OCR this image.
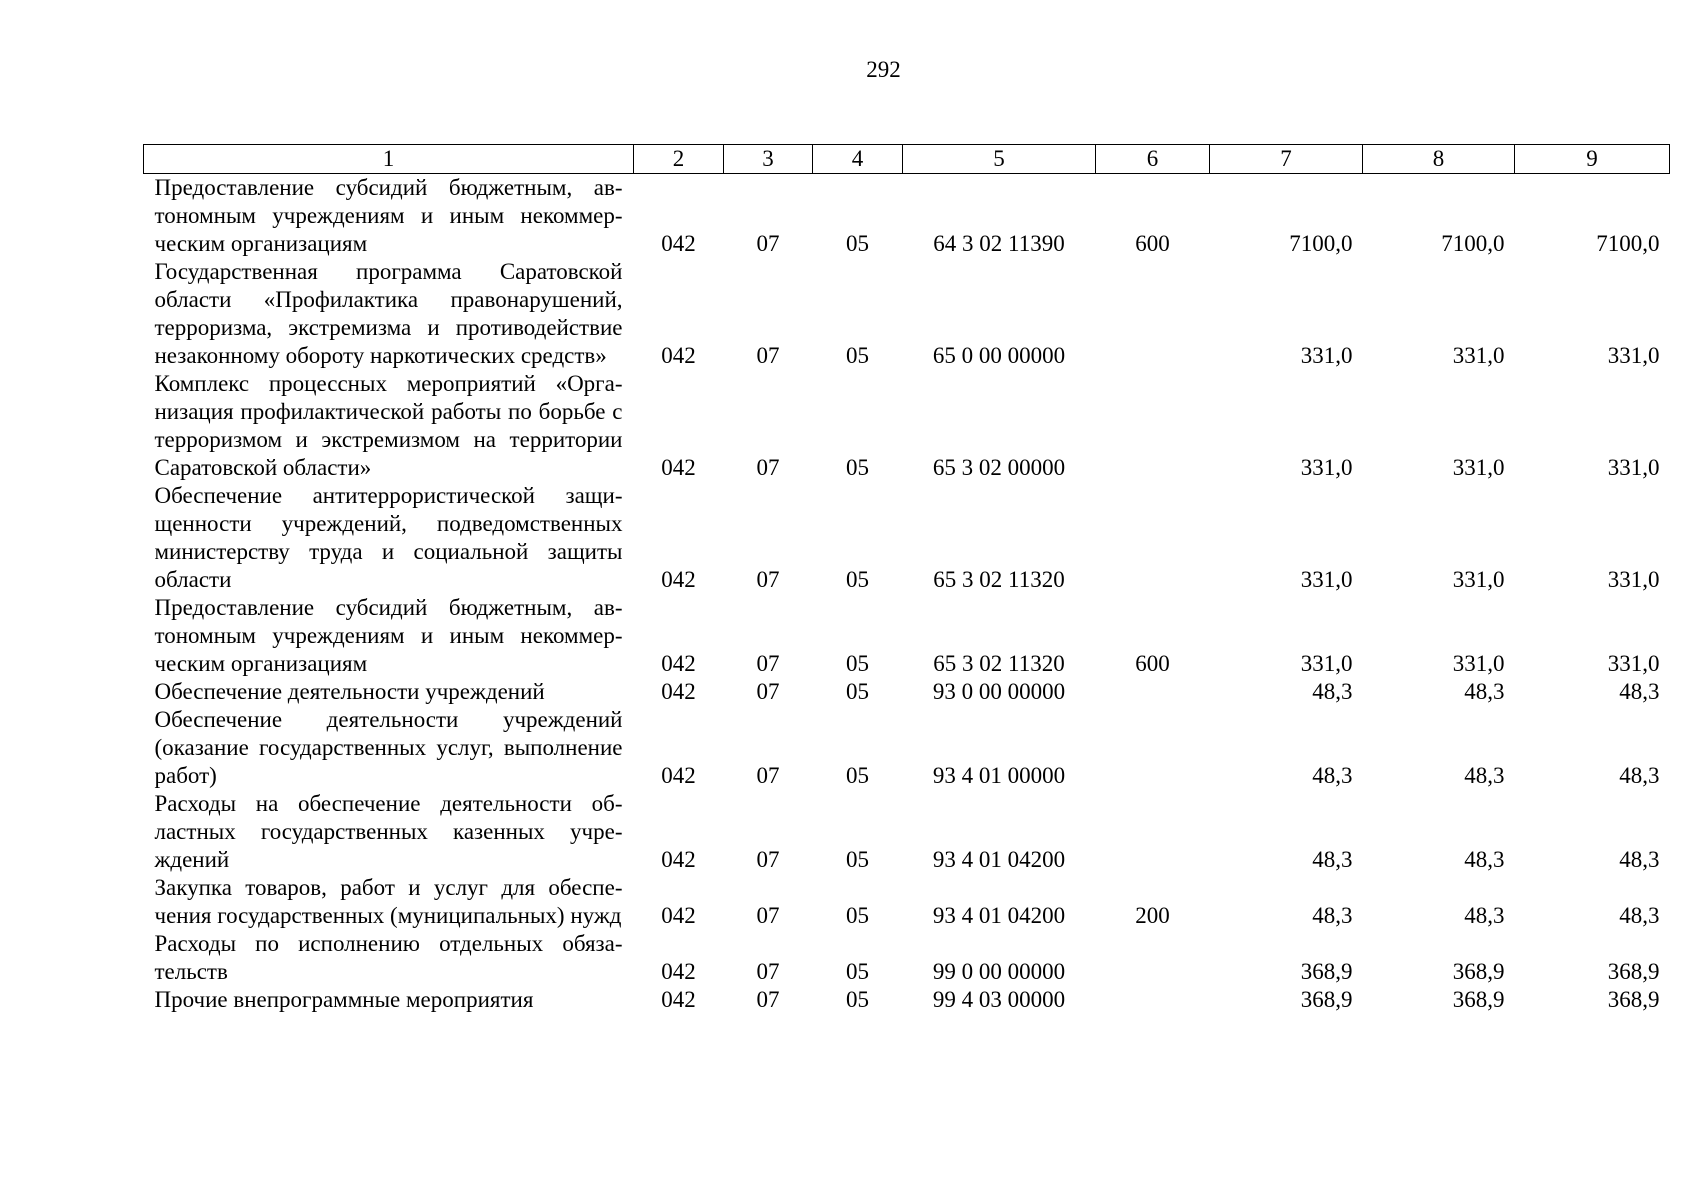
292
1	2	3	4	5	6	7	8	9
Предоставление субсидий бюджетным, автономным учреждениям и иным некоммерческим организациям	042	07	05	64 3 02 11390	600	7100,0	7100,0	7100,0
Государственная программа Саратовской области «Профилактика правонарушений, терроризма, экстремизма и противодействие незаконному обороту наркотических средств»	042	07	05	65 0 00 00000		331,0	331,0	331,0
Комплекс процессных мероприятий «Организация профилактической работы по борьбе с терроризмом и экстремизмом на территории Саратовской области»	042	07	05	65 3 02 00000		331,0	331,0	331,0
Обеспечение антитеррористической защищенности учреждений, подведомственных министерству труда и социальной защиты области	042	07	05	65 3 02 11320		331,0	331,0	331,0
Предоставление субсидий бюджетным, автономным учреждениям и иным некоммерческим организациям	042	07	05	65 3 02 11320	600	331,0	331,0	331,0
Обеспечение деятельности учреждений	042	07	05	93 0 00 00000		48,3	48,3	48,3
Обеспечение деятельности учреждений (оказание государственных услуг, выполнение работ)	042	07	05	93 4 01 00000		48,3	48,3	48,3
Расходы на обеспечение деятельности областных государственных казенных учреждений	042	07	05	93 4 01 04200		48,3	48,3	48,3
Закупка товаров, работ и услуг для обеспечения государственных (муниципальных) нужд	042	07	05	93 4 01 04200	200	48,3	48,3	48,3
Расходы по исполнению отдельных обязательств	042	07	05	99 0 00 00000		368,9	368,9	368,9
Прочие внепрограммные мероприятия	042	07	05	99 4 03 00000		368,9	368,9	368,9
